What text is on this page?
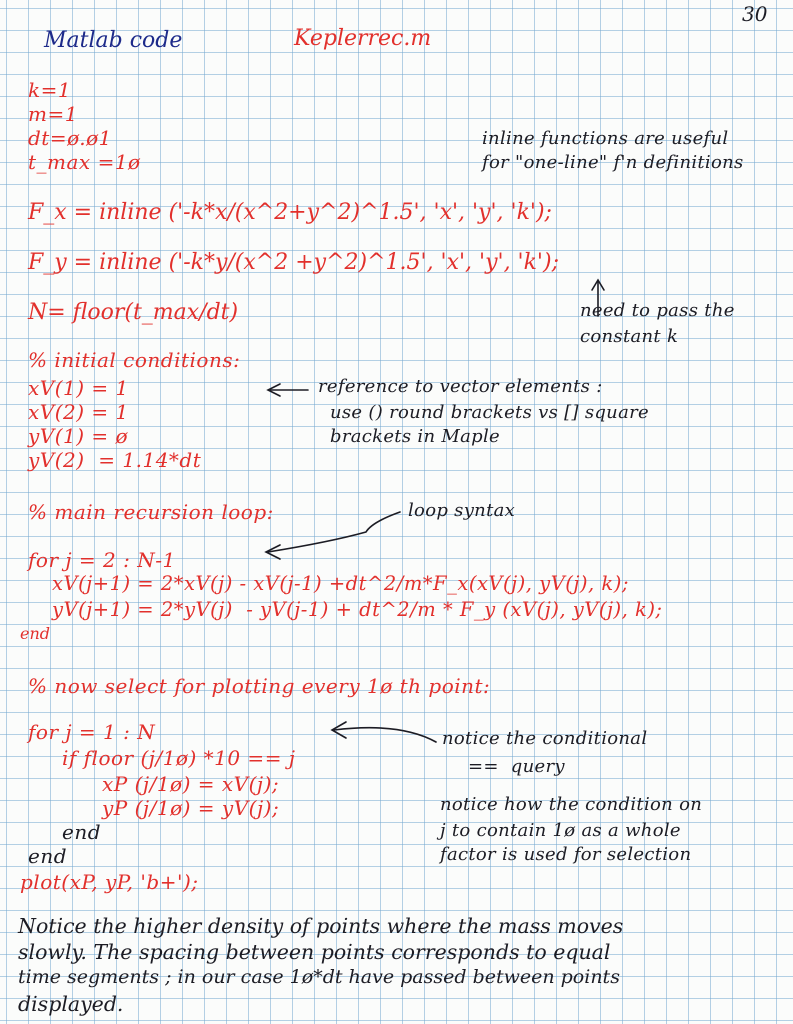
30
Matlab code	Keplerrec.m
k=1
m=1
dt=ø.ø1
t_max =1ø
inline functions are useful
for "one-line" f'n definitions
F_x = inline ('-k*x/(x^2+y^2)^1.5', 'x', 'y', 'k');
F_y = inline ('-k*y/(x^2 +y^2)^1.5', 'x', 'y', 'k');
N= floor(t_max/dt)	need to pass the
constant k
% initial conditions:
xV(1) = 1
xV(2) = 1
yV(1) = ø
yV(2)  = 1.14*dt
reference to vector elements :
use () round brackets vs [] square
brackets in Maple
% main recursion loop:	loop syntax
for j = 2 : N-1
xV(j+1) = 2*xV(j) - xV(j-1) +dt^2/m*F_x(xV(j), yV(j), k);
yV(j+1) = 2*yV(j)  - yV(j-1) + dt^2/m * F_y (xV(j), yV(j), k);
end
% now select for plotting every 1ø th point:
for j = 1 : N
if floor (j/1ø) *10 == j
xP (j/1ø) = xV(j);
yP (j/1ø) = yV(j);
end
end
plot(xP, yP, 'b+');
notice the conditional
==  query
notice how the condition on
j to contain 1ø as a whole
factor is used for selection
Notice the higher density of points where the mass moves
slowly. The spacing between points corresponds to equal
time segments ; in our case 1ø*dt have passed between points
displayed.
